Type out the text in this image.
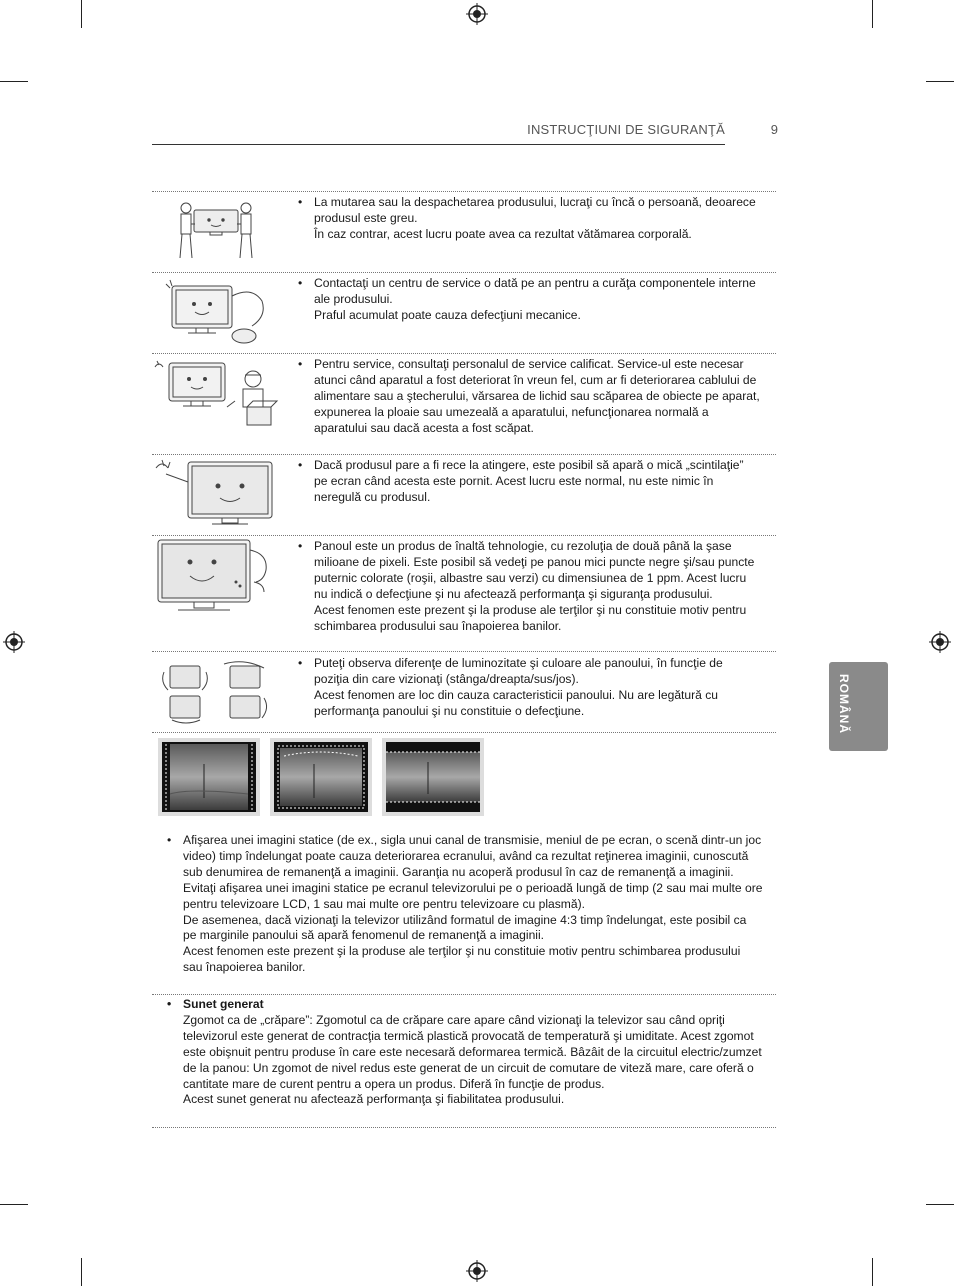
INSTRUCŢIUNI DE SIGURANŢĂ	9
ROMÂNĂ
• La mutarea sau la despachetarea produsului, lucraţi cu încă o persoană, deoarece produsul este greu.
În caz contrar, acest lucru poate avea ca rezultat vătămarea corporală.
• Contactaţi un centru de service o dată pe an pentru a curăţa componentele interne ale produsului.
Praful acumulat poate cauza defecţiuni mecanice.
• Pentru service, consultaţi personalul de service calificat. Service-ul este necesar atunci când aparatul a fost deteriorat în vreun fel, cum ar fi deteriorarea cablului de alimentare sau a ştecherului, vărsarea de lichid sau scăparea de obiecte pe aparat, expunerea la ploaie sau umezeală a aparatului, nefuncţionarea normală a aparatului sau dacă acesta a fost scăpat.
• Dacă produsul pare a fi rece la atingere, este posibil să apară o mică „scintilaţie” pe ecran când acesta este pornit. Acest lucru este normal, nu este nimic în neregulă cu produsul.
• Panoul este un produs de înaltă tehnologie, cu rezoluţia de două până la şase milioane de pixeli. Este posibil să vedeţi pe panou mici puncte negre şi/sau puncte puternic colorate (roşii, albastre sau verzi) cu dimensiunea de 1 ppm. Acest lucru nu indică o defecţiune şi nu afectează performanţa şi siguranţa produsului.
Acest fenomen este prezent şi la produse ale terţilor şi nu constituie motiv pentru schimbarea produsului sau înapoierea banilor.
• Puteţi observa diferenţe de luminozitate şi culoare ale panoului, în funcţie de poziţia din care vizionaţi (stânga/dreapta/sus/jos).
Acest fenomen are loc din cauza caracteristicii panoului. Nu are legătură cu performanţa panoului şi nu constituie o defecţiune.
• Afişarea unei imagini statice (de ex., sigla unui canal de transmisie, meniul de pe ecran, o scenă dintr-un joc video) timp îndelungat poate cauza deteriorarea ecranului, având ca rezultat reţinerea imaginii, cunoscută sub denumirea de remanenţă a imaginii. Garanţia nu acoperă produsul în caz de remanenţă a imaginii.
Evitaţi afişarea unei imagini statice pe ecranul televizorului pe o perioadă lungă de timp (2 sau mai multe ore pentru televizoare LCD, 1 sau mai multe ore pentru televizoare cu plasmă).
De asemenea, dacă vizionaţi la televizor utilizând formatul de imagine 4:3 timp îndelungat, este posibil ca pe marginile panoului să apară fenomenul de remanenţă a imaginii.
Acest fenomen este prezent şi la produse ale terţilor şi nu constituie motiv pentru schimbarea produsului sau înapoierea banilor.
• Sunet generat
Zgomot ca de „crăpare”: Zgomotul ca de crăpare care apare când vizionaţi la televizor sau când opriţi televizorul este generat de contracţia termică plastică provocată de temperatură şi umiditate. Acest zgomot este obişnuit pentru produse în care este necesară deformarea termică. Bâzâit de la circuitul electric/zumzet de la panou: Un zgomot de nivel redus este generat de un circuit de comutare de viteză mare, care oferă o cantitate mare de curent pentru a opera un produs. Diferă în funcţie de produs.
Acest sunet generat nu afectează performanţa şi fiabilitatea produsului.
